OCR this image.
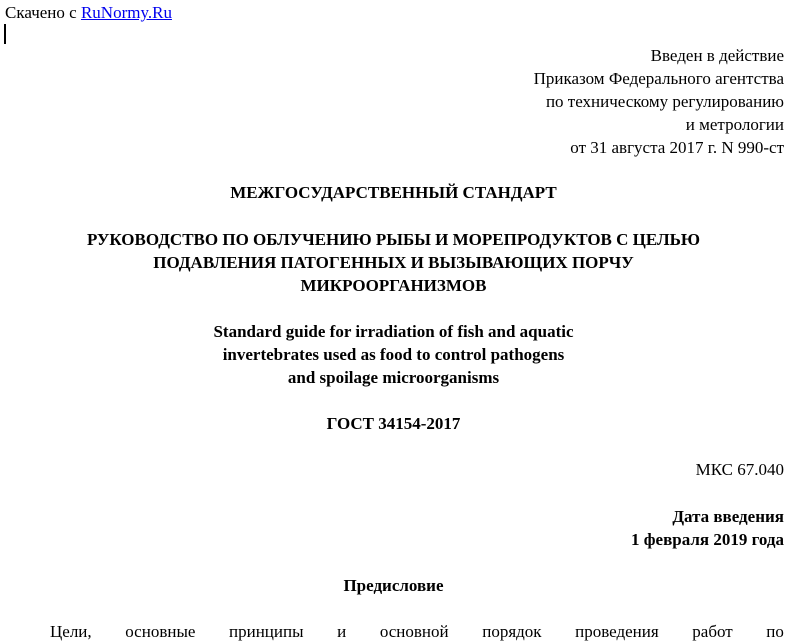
Скачено с RuNormy.Ru
Введен в действие
Приказом Федерального агентства
по техническому регулированию
и метрологии
от 31 августа 2017 г. N 990-ст
МЕЖГОСУДАРСТВЕННЫЙ СТАНДАРТ
РУКОВОДСТВО ПО ОБЛУЧЕНИЮ РЫБЫ И МОРЕПРОДУКТОВ С ЦЕЛЬЮ
ПОДАВЛЕНИЯ ПАТОГЕННЫХ И ВЫЗЫВАЮЩИХ ПОРЧУ
МИКРООРГАНИЗМОВ
Standard guide for irradiation of fish and aquatic
invertebrates used as food to control pathogens
and spoilage microorganisms
ГОСТ 34154-2017
МКС 67.040
Дата введения
1 февраля 2019 года
Предисловие
Цели, основные принципы и основной порядок проведения работ по
